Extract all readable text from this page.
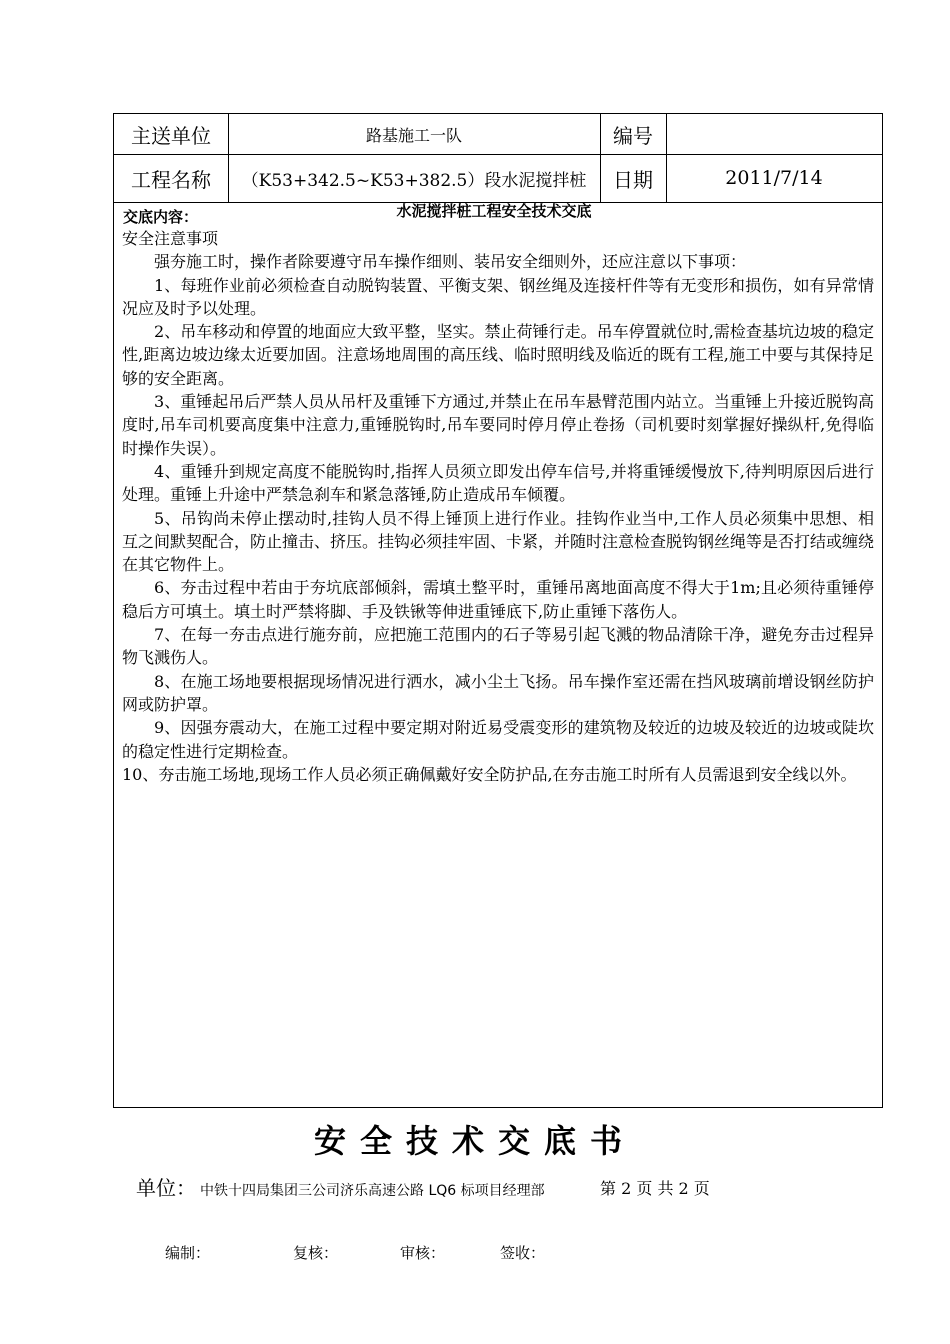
主送单位	路基施工一队	编号
工程名称	（K53+342.5~K53+382.5）段水泥搅拌桩	日期	2011/7/14
水泥搅拌桩工程安全技术交底
交底内容：

安全注意事项

强夯施工时，操作者除要遵守吊车操作细则、装吊安全细则外，还应注意以下事项：

1、每班作业前必须检查自动脱钩装置、平衡支架、钢丝绳及连接杆件等有无变形和损伤，如有异常情况应及时予以处理。

2、吊车移动和停置的地面应大致平整，坚实。禁止荷锤行走。吊车停置就位时,需检查基坑边坡的稳定性,距离边坡边缘太近要加固。注意场地周围的高压线、临时照明线及临近的既有工程,施工中要与其保持足够的安全距离。

3、重锤起吊后严禁人员从吊杆及重锤下方通过,并禁止在吊车悬臂范围内站立。当重锤上升接近脱钩高度时,吊车司机要高度集中注意力,重锤脱钩时,吊车要同时停月停止卷扬（司机要时刻掌握好操纵杆,免得临时操作失误）。

4、重锤升到规定高度不能脱钩时,指挥人员须立即发出停车信号,并将重锤缓慢放下,待判明原因后进行处理。重锤上升途中严禁急刹车和紧急落锤,防止造成吊车倾覆。

5、吊钩尚未停止摆动时,挂钩人员不得上锤顶上进行作业。挂钩作业当中,工作人员必须集中思想、相互之间默契配合，防止撞击、挤压。挂钩必须挂牢固、卡紧，并随时注意检查脱钩钢丝绳等是否打结或缠绕在其它物件上。

6、夯击过程中若由于夯坑底部倾斜，需填土整平时，重锤吊离地面高度不得大于1m;且必须待重锤停稳后方可填土。填土时严禁将脚、手及铁锹等伸进重锤底下,防止重锤下落伤人。

7、在每一夯击点进行施夯前，应把施工范围内的石子等易引起飞溅的物品清除干净，避免夯击过程异物飞溅伤人。

8、在施工场地要根据现场情况进行洒水，减小尘土飞扬。吊车操作室还需在挡风玻璃前增设钢丝防护网或防护罩。

9、因强夯震动大，在施工过程中要定期对附近易受震变形的建筑物及较近的边坡及较近的边坡或陡坎的稳定性进行定期检查。

10、夯击施工场地,现场工作人员必须正确佩戴好安全防护品,在夯击施工时所有人员需退到安全线以外。

安全技术交底书
单位： 中铁十四局集团三公司济乐高速公路 LQ6 标项目经理部	第 2 页 共 2 页
编制：	复核：	审核：	签收：
